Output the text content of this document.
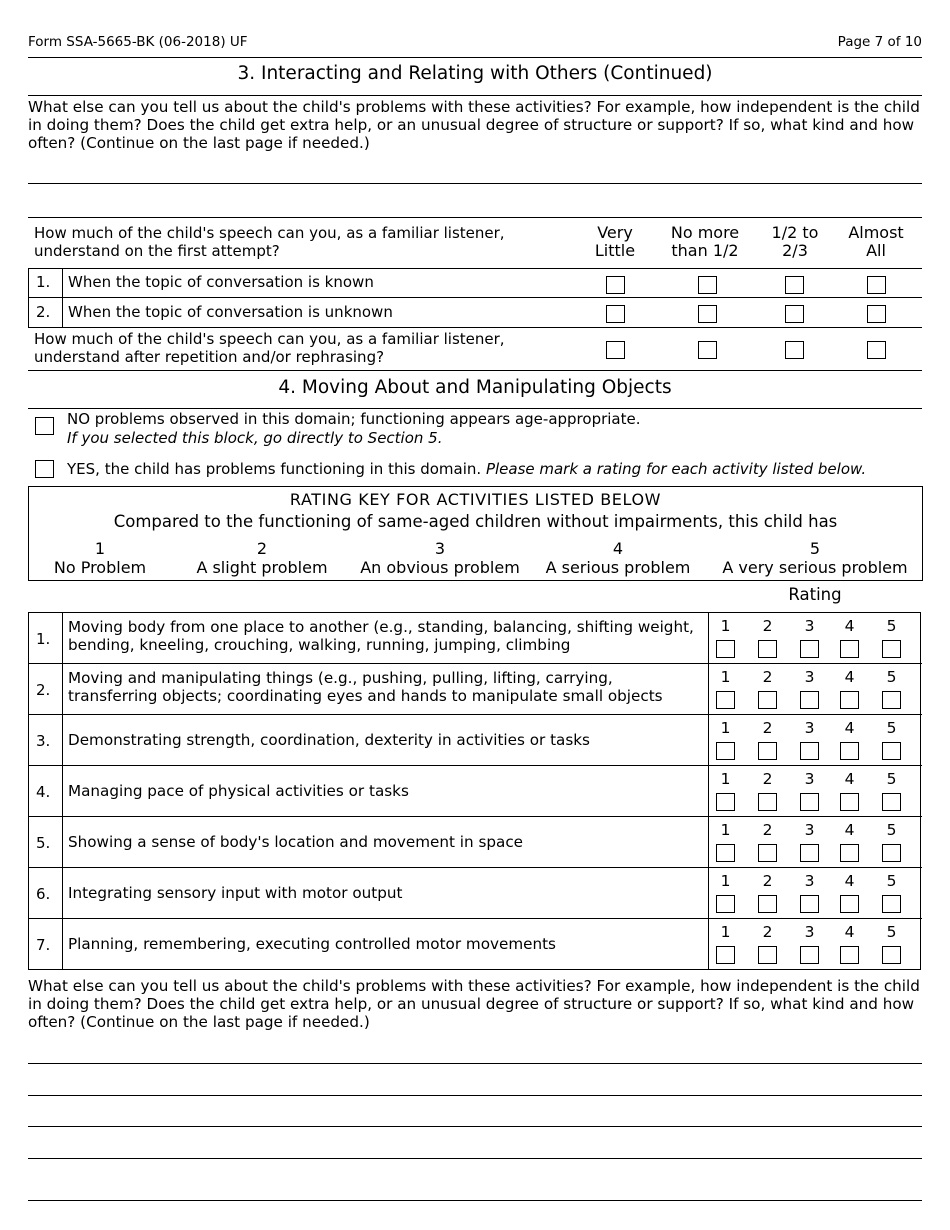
Form SSA-5665-BK (06-2018) UF	Page 7 of 10
3. Interacting and Relating with Others (Continued)
What else can you tell us about the child's problems with these activities? For example, how independent is the child in doing them? Does the child get extra help, or an unusual degree of structure or support? If so, what kind and how often? (Continue on the last page if needed.)
How much of the child's speech can you, as a familiar listener, understand on the first attempt?
Very Little
No more than 1/2
1/2 to 2/3
Almost All
1. When the topic of conversation is known
2. When the topic of conversation is unknown
How much of the child's speech can you, as a familiar listener, understand after repetition and/or rephrasing?
4. Moving About and Manipulating Objects
NO problems observed in this domain; functioning appears age-appropriate.
If you selected this block, go directly to Section 5.
YES, the child has problems functioning in this domain. Please mark a rating for each activity listed below.
RATING KEY FOR ACTIVITIES LISTED BELOW
Compared to the functioning of same-aged children without impairments, this child has
1
No Problem
2
A slight problem
3
An obvious problem
4
A serious problem
5
A very serious problem
Rating
1.
Moving body from one place to another (e.g., standing, balancing, shifting weight, bending, kneeling, crouching, walking, running, jumping, climbing
1	2	3	4	5
2.
Moving and manipulating things (e.g., pushing, pulling, lifting, carrying, transferring objects; coordinating eyes and hands to manipulate small objects
1	2	3	4	5
3. Demonstrating strength, coordination, dexterity in activities or tasks
1	2	3	4	5
4. Managing pace of physical activities or tasks
1	2	3	4	5
5. Showing a sense of body's location and movement in space
1	2	3	4	5
6. Integrating sensory input with motor output
1	2	3	4	5
7. Planning, remembering, executing controlled motor movements
1	2	3	4	5
What else can you tell us about the child's problems with these activities? For example, how independent is the child in doing them? Does the child get extra help, or an unusual degree of structure or support? If so, what kind and how often? (Continue on the last page if needed.)
